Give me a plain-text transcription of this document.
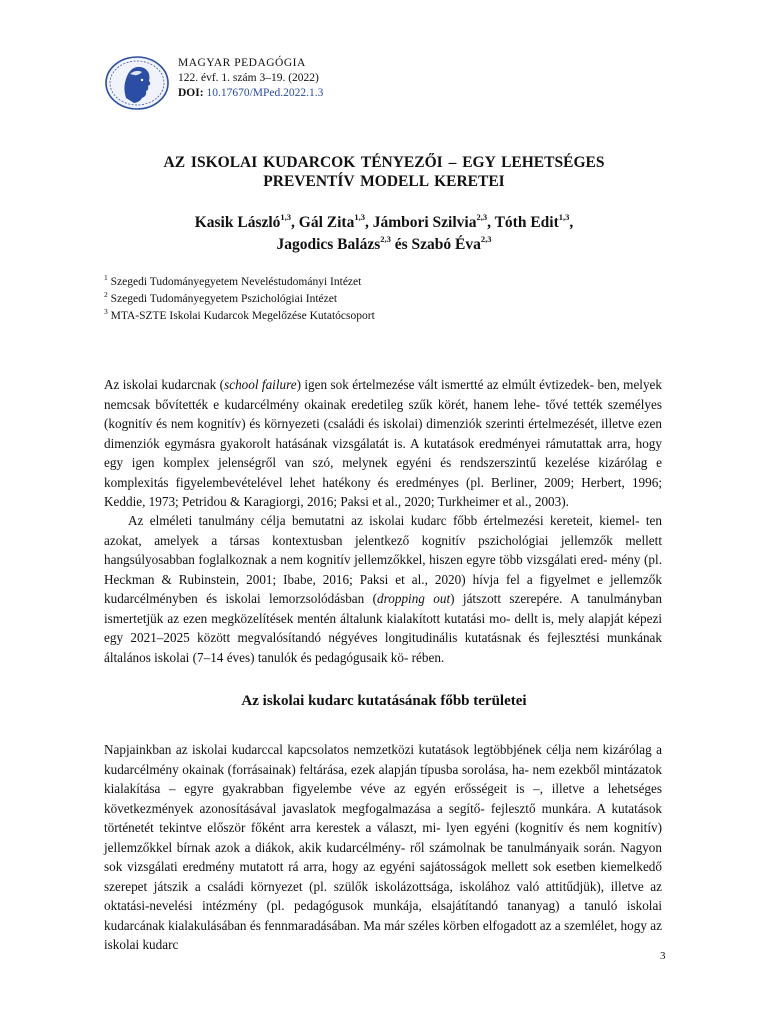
MAGYAR PEDAGÓGIA
122. évf. 1. szám 3–19. (2022)
DOI: 10.17670/MPed.2022.1.3
AZ ISKOLAI KUDARCOK TÉNYEZŐI – EGY LEHETSÉGES
PREVENTÍV MODELL KERETEI
Kasik László$^{1,3}$, Gál Zita$^{1,3}$, Jámbori Szilvia$^{2,3}$, Tóth Edit$^{1,3}$,
Jagodics Balázs$^{2,3}$ és Szabó Éva$^{2,3}$
$^1$ Szegedi Tudományegyetem Neveléstudományi Intézet
$^2$ Szegedi Tudományegyetem Pszichológiai Intézet
$^3$ MTA-SZTE Iskolai Kudarcok Megelőzése Kutatócsoport

Az iskolai kudarcnak (school failure) igen sok értelmezése vált ismertté az elmúlt évtizedek- ben, melyek nemcsak bővítették e kudarcélmény okainak eredetileg szűk körét, hanem lehe- tővé tették személyes (kognitív és nem kognitív) és környezeti (családi és iskolai) dimenziók szerinti értelmezését, illetve ezen dimenziók egymásra gyakorolt hatásának vizsgálatát is. A kutatások eredményei rámutattak arra, hogy egy igen komplex jelenségről van szó, melynek egyéni és rendszerszintű kezelése kizárólag e komplexitás figyelembevételével lehet hatékony és eredményes (pl. Berliner, 2009; Herbert, 1996; Keddie, 1973; Petridou & Karagiorgi, 2016; Paksi et al., 2020; Turkheimer et al., 2003).

Az elméleti tanulmány célja bemutatni az iskolai kudarc főbb értelmezési kereteit, kiemel- ten azokat, amelyek a társas kontextusban jelentkező kognitív pszichológiai jellemzők mellett hangsúlyosabban foglalkoznak a nem kognitív jellemzőkkel, hiszen egyre több vizsgálati ered- mény (pl. Heckman & Rubinstein, 2001; Ibabe, 2016; Paksi et al., 2020) hívja fel a figyelmet e jellemzők kudarcélményben és iskolai lemorzsolódásban (dropping out) játszott szerepére. A tanulmányban ismertetjük az ezen megközelítések mentén általunk kialakított kutatási mo- dellt is, mely alapját képezi egy 2021–2025 között megvalósítandó négyéves longitudinális kutatásnak és fejlesztési munkának általános iskolai (7–14 éves) tanulók és pedagógusaik kö- rében.

Az iskolai kudarc kutatásának főbb területei

Napjainkban az iskolai kudarccal kapcsolatos nemzetközi kutatások legtöbbjének célja nem kizárólag a kudarcélmény okainak (forrásainak) feltárása, ezek alapján típusba sorolása, ha- nem ezekből mintázatok kialakítása – egyre gyakrabban figyelembe véve az egyén erősségeit is –, illetve a lehetséges következmények azonosításával javaslatok megfogalmazása a segítő- fejlesztő munkára. A kutatások történetét tekintve először főként arra kerestek a választ, mi- lyen egyéni (kognitív és nem kognitív) jellemzőkkel bírnak azok a diákok, akik kudarcélmény- ről számolnak be tanulmányaik során. Nagyon sok vizsgálati eredmény mutatott rá arra, hogy az egyéni sajátosságok mellett sok esetben kiemelkedő szerepet játszik a családi környezet (pl. szülők iskolázottsága, iskolához való attitűdjük), illetve az oktatási-nevelési intézmény (pl. pedagógusok munkája, elsajátítandó tananyag) a tanuló iskolai kudarcának kialakulásában és fennmaradásában. Ma már széles körben elfogadott az a szemlélet, hogy az iskolai kudarc

3
